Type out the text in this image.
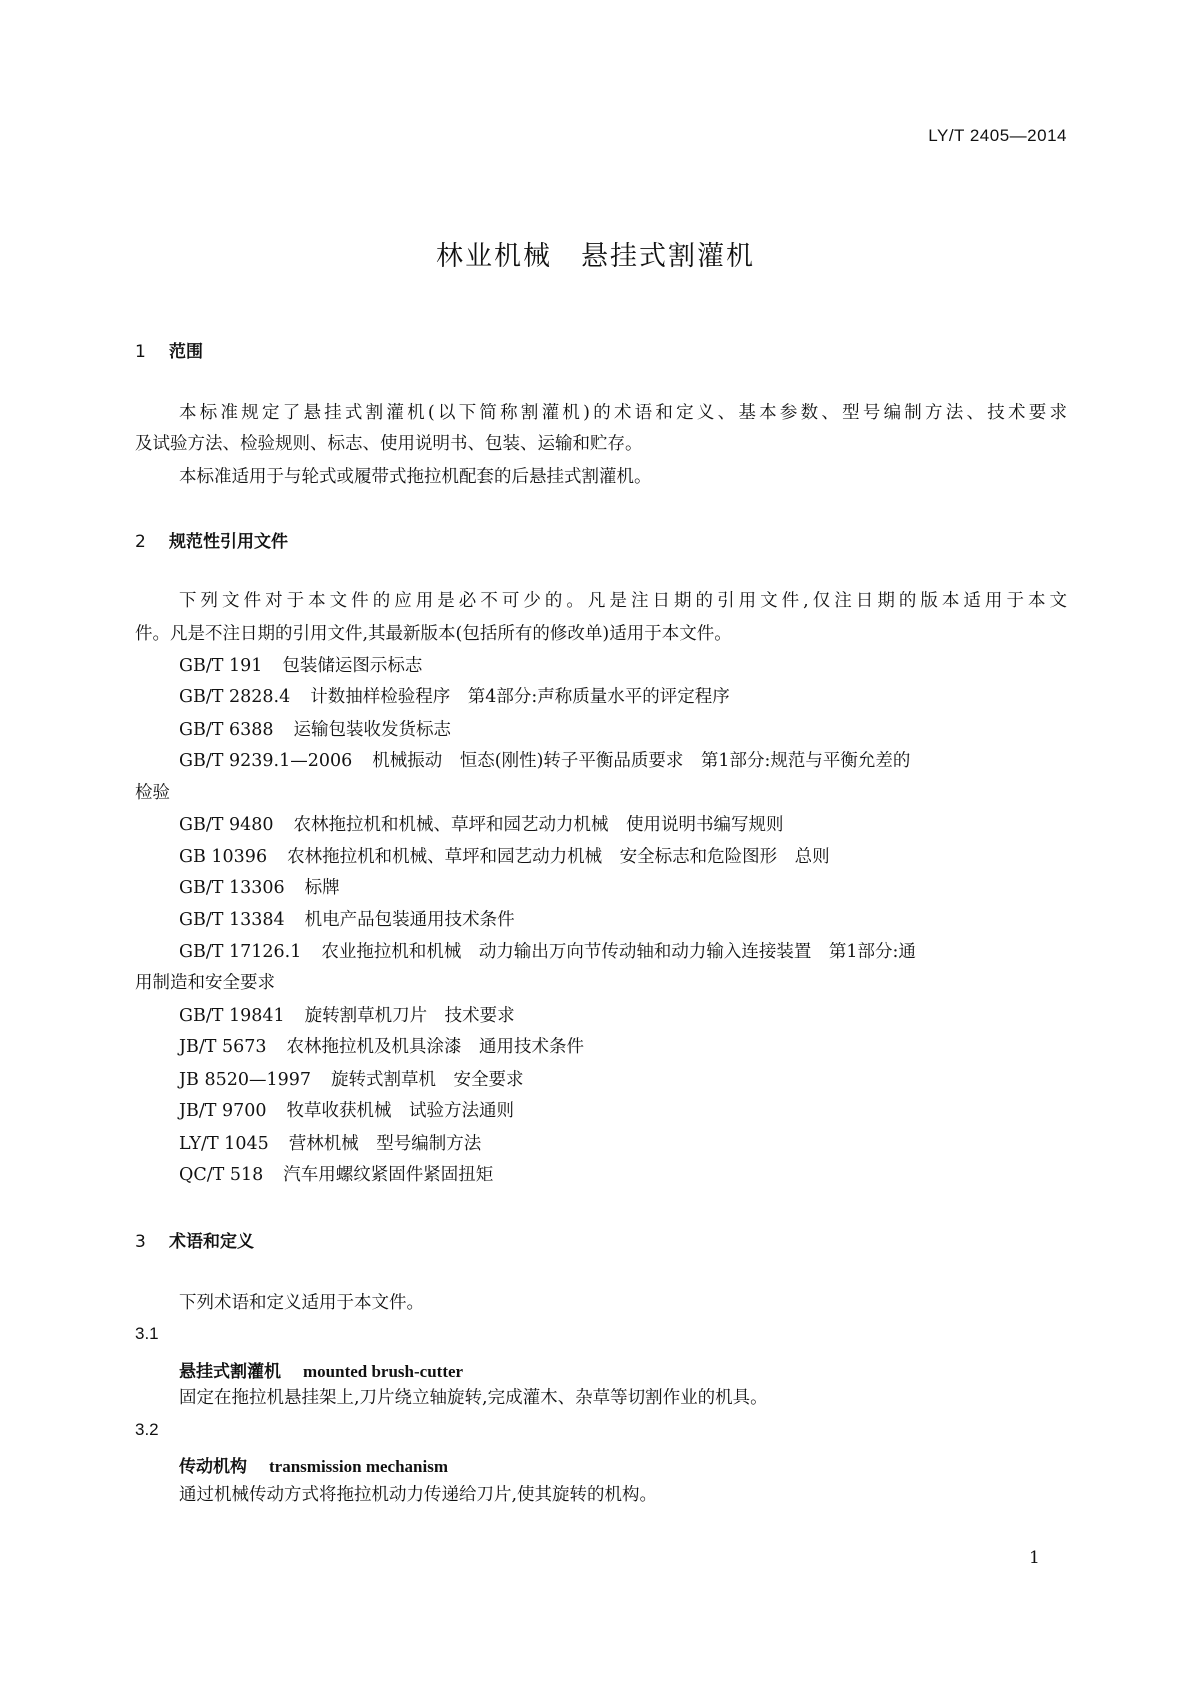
LY/T 2405—2014
林业机械　悬挂式割灌机
1 范围
本标准规定了悬挂式割灌机(以下简称割灌机)的术语和定义、基本参数、型号编制方法、技术要求
及试验方法、检验规则、标志、使用说明书、包装、运输和贮存。
本标准适用于与轮式或履带式拖拉机配套的后悬挂式割灌机。
2 规范性引用文件
下列文件对于本文件的应用是必不可少的。凡是注日期的引用文件,仅注日期的版本适用于本文
件。凡是不注日期的引用文件,其最新版本(包括所有的修改单)适用于本文件。
GB/T 191 包装储运图示标志
GB/T 2828.4 计数抽样检验程序　第4部分:声称质量水平的评定程序
GB/T 6388 运输包装收发货标志
GB/T 9239.1—2006 机械振动　恒态(刚性)转子平衡品质要求　第1部分:规范与平衡允差的
检验
GB/T 9480 农林拖拉机和机械、草坪和园艺动力机械　使用说明书编写规则
GB 10396 农林拖拉机和机械、草坪和园艺动力机械　安全标志和危险图形　总则
GB/T 13306 标牌
GB/T 13384 机电产品包装通用技术条件
GB/T 17126.1 农业拖拉机和机械　动力输出万向节传动轴和动力输入连接装置　第1部分:通
用制造和安全要求
GB/T 19841 旋转割草机刀片　技术要求
JB/T 5673 农林拖拉机及机具涂漆　通用技术条件
JB 8520—1997 旋转式割草机　安全要求
JB/T 9700 牧草收获机械　试验方法通则
LY/T 1045 营林机械　型号编制方法
QC/T 518 汽车用螺纹紧固件紧固扭矩
3 术语和定义
下列术语和定义适用于本文件。
3.1
悬挂式割灌机 mounted brush-cutter
固定在拖拉机悬挂架上,刀片绕立轴旋转,完成灌木、杂草等切割作业的机具。
3.2
传动机构 transmission mechanism
通过机械传动方式将拖拉机动力传递给刀片,使其旋转的机构。
1
